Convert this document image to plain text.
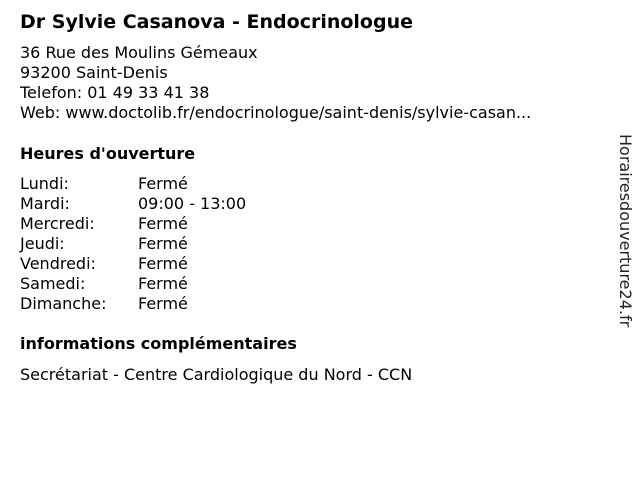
Dr Sylvie Casanova - Endocrinologue
36 Rue des Moulins Gémeaux
93200 Saint-Denis
Telefon: 01 49 33 41 38
Web: www.doctolib.fr/endocrinologue/saint-denis/sylvie-casan...
Heures d'ouverture
Lundi:	Fermé
Mardi:	09:00 - 13:00
Mercredi:	Fermé
Jeudi:	Fermé
Vendredi:	Fermé
Samedi:	Fermé
Dimanche: Fermé
informations complémentaires
Secrétariat - Centre Cardiologique du Nord - CCN
Horairesdouverture24.fr
